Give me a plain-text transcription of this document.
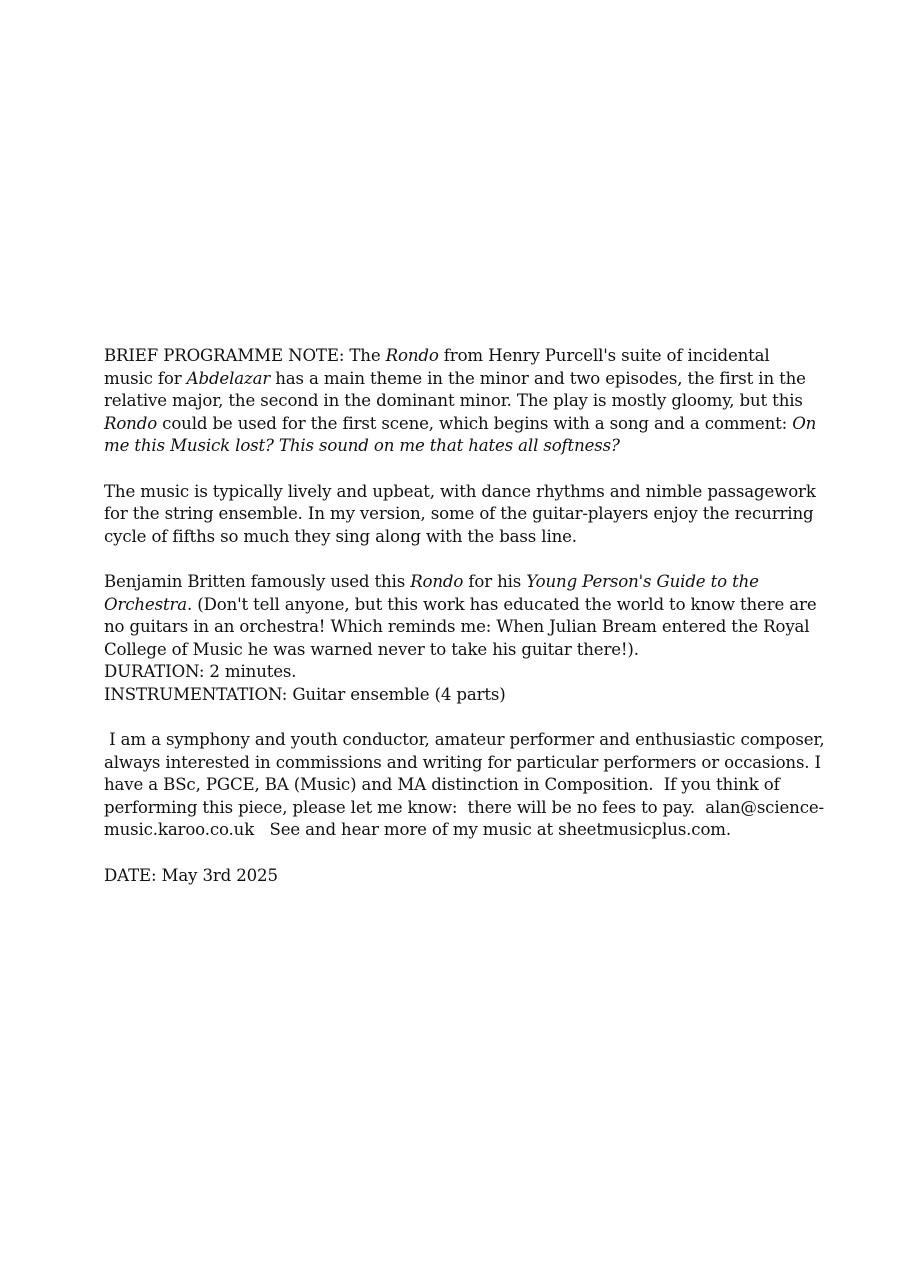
BRIEF PROGRAMME NOTE: The Rondo from Henry Purcell's suite of incidental
music for Abdelazar has a main theme in the minor and two episodes, the first in the
relative major, the second in the dominant minor. The play is mostly gloomy, but this
Rondo could be used for the first scene, which begins with a song and a comment: On
me this Musick lost? This sound on me that hates all softness?
The music is typically lively and upbeat, with dance rhythms and nimble passagework
for the string ensemble. In my version, some of the guitar-players enjoy the recurring
cycle of fifths so much they sing along with the bass line.
Benjamin Britten famously used this Rondo for his Young Person's Guide to the
Orchestra. (Don't tell anyone, but this work has educated the world to know there are
no guitars in an orchestra! Which reminds me: When Julian Bream entered the Royal
College of Music he was warned never to take his guitar there!).
DURATION: 2 minutes.
INSTRUMENTATION: Guitar ensemble (4 parts)
I am a symphony and youth conductor, amateur performer and enthusiastic composer,
always interested in commissions and writing for particular performers or occasions. I
have a BSc, PGCE, BA (Music) and MA distinction in Composition.  If you think of
performing this piece, please let me know:  there will be no fees to pay.  alan@science-
music.karoo.co.uk   See and hear more of my music at sheetmusicplus.com.
DATE: May 3rd 2025
